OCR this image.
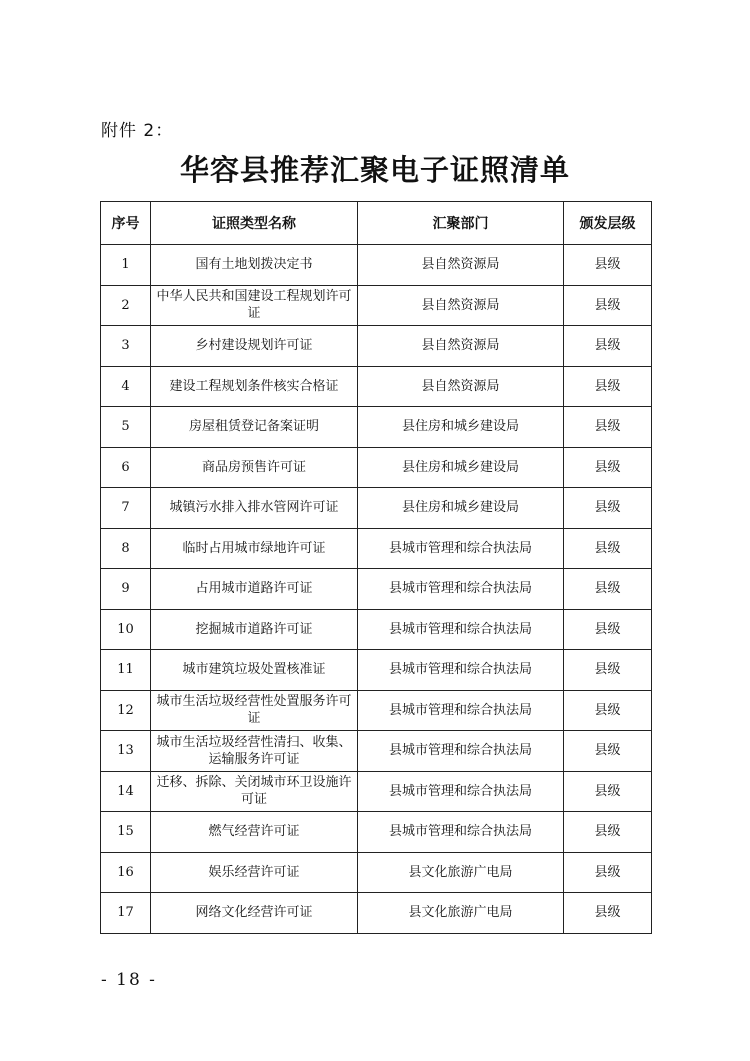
附件 2：
华容县推荐汇聚电子证照清单
序号	证照类型名称	汇聚部门	颁发层级
1	国有土地划拨决定书	县自然资源局	县级
2	中华人民共和国建设工程规划许可证	县自然资源局	县级
3	乡村建设规划许可证	县自然资源局	县级
4	建设工程规划条件核实合格证	县自然资源局	县级
5	房屋租赁登记备案证明	县住房和城乡建设局	县级
6	商品房预售许可证	县住房和城乡建设局	县级
7	城镇污水排入排水管网许可证	县住房和城乡建设局	县级
8	临时占用城市绿地许可证	县城市管理和综合执法局	县级
9	占用城市道路许可证	县城市管理和综合执法局	县级
10	挖掘城市道路许可证	县城市管理和综合执法局	县级
11	城市建筑垃圾处置核准证	县城市管理和综合执法局	县级
12	城市生活垃圾经营性处置服务许可证	县城市管理和综合执法局	县级
13	城市生活垃圾经营性清扫、收集、运输服务许可证	县城市管理和综合执法局	县级
14	迁移、拆除、关闭城市环卫设施许可证	县城市管理和综合执法局	县级
15	燃气经营许可证	县城市管理和综合执法局	县级
16	娱乐经营许可证	县文化旅游广电局	县级
17	网络文化经营许可证	县文化旅游广电局	县级
- 18 -
